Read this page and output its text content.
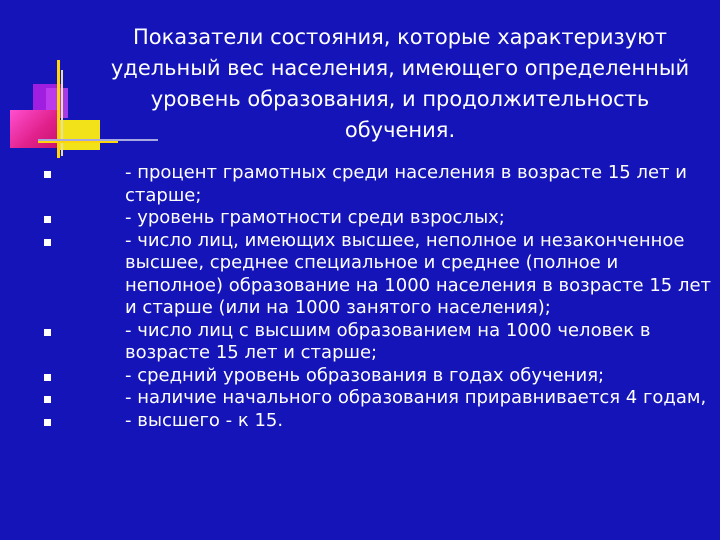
Показатели состояния, которые характеризуют
удельный вес населения, имеющего определенный
уровень образования, и продолжительность
обучения.
- процент грамотных среди населения в возрасте 15 лет и
старше;
- уровень грамотности среди взрослых;
- число лиц, имеющих высшее, неполное и незаконченное
высшее, среднее специальное и среднее (полное и
неполное) образование на 1000 населения в возрасте 15 лет
и старше (или на 1000 занятого населения);
- число лиц с высшим образованием на 1000 человек в
возрасте 15 лет и старше;
- средний уровень образования в годах обучения;
- наличие начального образования приравнивается 4 годам,
- высшего - к 15.
